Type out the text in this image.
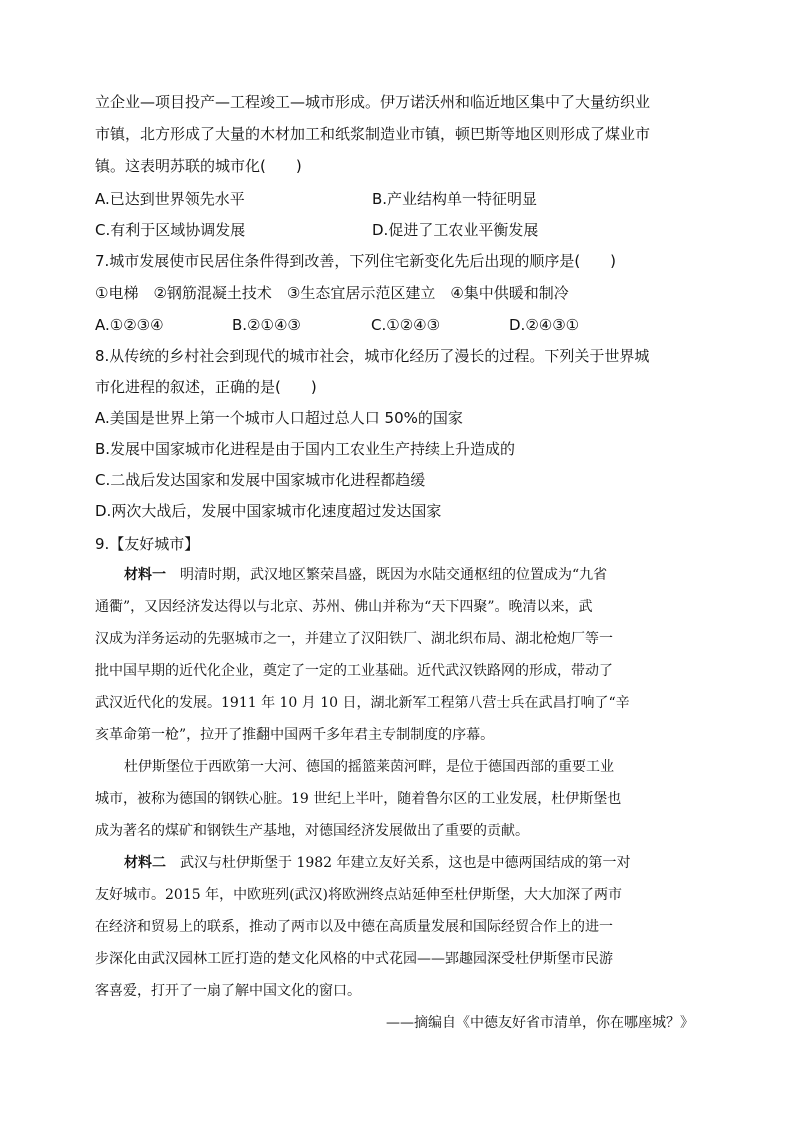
立企业—项目投产—工程竣工—城市形成。伊万诺沃州和临近地区集中了大量纺织业
市镇，北方形成了大量的木材加工和纸浆制造业市镇，顿巴斯等地区则形成了煤业市
镇。这表明苏联的城市化(　　)
A.已达到世界领先水平	B.产业结构单一特征明显
C.有利于区域协调发展	D.促进了工农业平衡发展
7.城市发展使市民居住条件得到改善，下列住宅新变化先后出现的顺序是(　　)
①电梯　②钢筋混凝土技术　③生态宜居示范区建立　④集中供暖和制冷
A.①②③④	B.②①④③	C.①②④③	D.②④③①
8.从传统的乡村社会到现代的城市社会，城市化经历了漫长的过程。下列关于世界城
市化进程的叙述，正确的是(　　)
A.美国是世界上第一个城市人口超过总人口 50%的国家
B.发展中国家城市化进程是由于国内工农业生产持续上升造成的
C.二战后发达国家和发展中国家城市化进程都趋缓
D.两次大战后，发展中国家城市化速度超过发达国家
9.【友好城市】
材料一　 明清时期，武汉地区繁荣昌盛，既因为水陆交通枢纽的位置成为“九省
通衢”，又因经济发达得以与北京、苏州、佛山并称为“天下四聚”。晚清以来，武
汉成为洋务运动的先驱城市之一，并建立了汉阳铁厂、湖北织布局、湖北枪炮厂等一
批中国早期的近代化企业，奠定了一定的工业基础。近代武汉铁路网的形成，带动了
武汉近代化的发展。1911 年 10 月 10 日，湖北新军工程第八营士兵在武昌打响了“辛
亥革命第一枪”，拉开了推翻中国两千多年君主专制制度的序幕。
杜伊斯堡位于西欧第一大河、德国的摇篮莱茵河畔，是位于德国西部的重要工业
城市，被称为德国的钢铁心脏。19 世纪上半叶，随着鲁尔区的工业发展，杜伊斯堡也
成为著名的煤矿和钢铁生产基地，对德国经济发展做出了重要的贡献。
材料二　 武汉与杜伊斯堡于 1982 年建立友好关系，这也是中德两国结成的第一对
友好城市。2015 年，中欧班列(武汉)将欧洲终点站延伸至杜伊斯堡，大大加深了两市
在经济和贸易上的联系，推动了两市以及中德在高质量发展和国际经贸合作上的进一
步深化由武汉园林工匠打造的楚文化风格的中式花园——郢趣园深受杜伊斯堡市民游
客喜爱，打开了一扇了解中国文化的窗口。
——摘编自《中德友好省市清单，你在哪座城？》
